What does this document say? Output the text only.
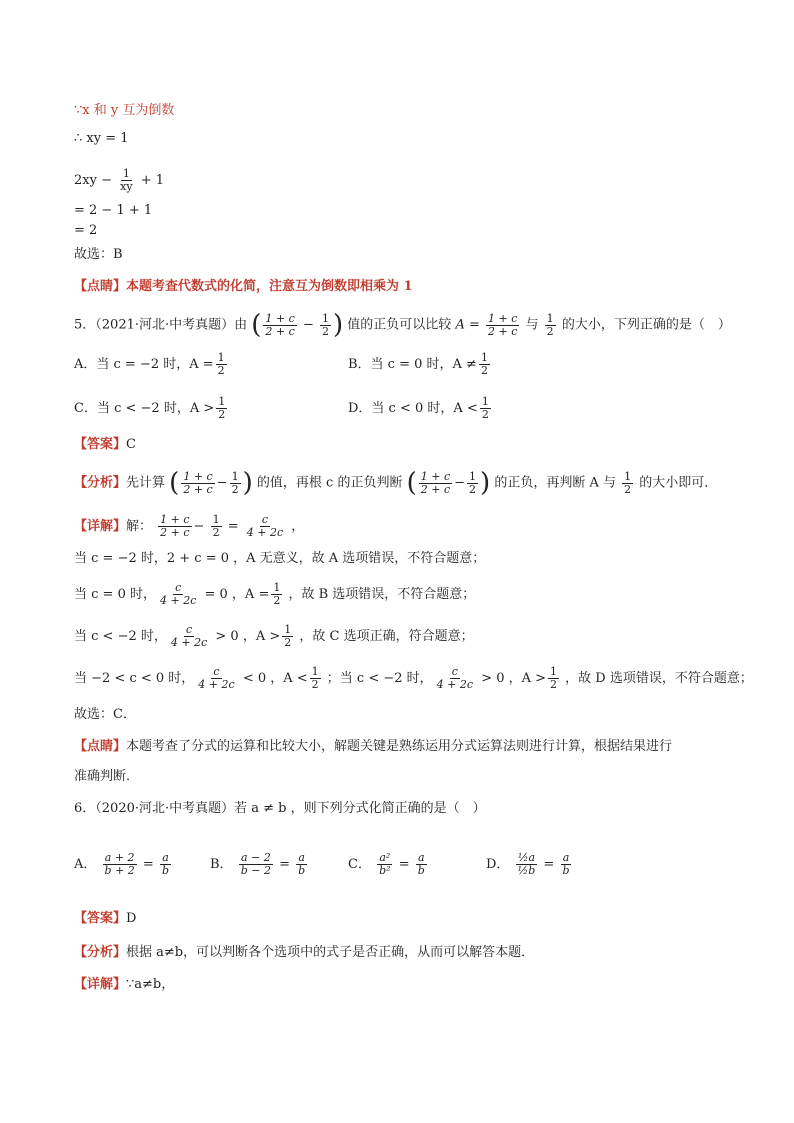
∵x 和 y 互为倒数
∴ xy = 1
$2xy - \frac{1}{xy} + 1$
= 2 − 1 + 1
= 2
故选：B
【点睛】本题考查代数式的化简，注意互为倒数即相乘为 1
5．（2021·河北·中考真题）由 ( $\frac{1 + c}{2 + c} - \frac{1}{2}$ ) 值的正负可以比较 $A = \frac{1 + c}{2 + c}$ 与 $\frac{1}{2}$ 的大小，下列正确的是（　）
A．当 c = −2 时，$A = \frac{1}{2}$	B．当 c = 0 时，$A \ne \frac{1}{2}$
C．当 c < −2 时，$A > \frac{1}{2}$	D．当 c < 0 时，$A < \frac{1}{2}$
【答案】C
【分析】先计算 ( $\frac{1 + c}{2 + c} - \frac{1}{2}$ ) 的值，再根 c 的正负判断 ( $\frac{1 + c}{2 + c} - \frac{1}{2}$ ) 的正负，再判断 A 与 $\frac{1}{2}$ 的大小即可．
【详解】解： $\frac{1 + c}{2 + c} - \frac{1}{2} = \frac{c}{4 + 2c}$ ，
当 c = −2 时，2 + c = 0 ，A 无意义，故 A 选项错误，不符合题意；
当 c = 0 时， $\frac{c}{4 + 2c} = 0$ ，$A = \frac{1}{2}$ ，故 B 选项错误，不符合题意；
当 c < −2 时， $\frac{c}{4 + 2c} > 0$ ，$A > \frac{1}{2}$ ，故 C 选项正确，符合题意；
当 −2 < c < 0 时， $\frac{c}{4 + 2c} < 0$ ，$A < \frac{1}{2}$ ；当 c < −2 时， $\frac{c}{4 + 2c} > 0$ ，$A > \frac{1}{2}$ ，故 D 选项错误，不符合题意；
故选：C．
【点睛】本题考查了分式的运算和比较大小，解题关键是熟练运用分式运算法则进行计算，根据结果进行
准确判断．
6．（2020·河北·中考真题）若 a ≠ b ，则下列分式化简正确的是（　）
A． $\frac{a + 2}{b + 2} = \frac{a}{b}$	B． $\frac{a - 2}{b - 2} = \frac{a}{b}$	C． $\frac{\text{a²}}{\text{b²}} = \frac{a}{b}$	D． $\frac{\text{½a}}{\text{½b}} = \frac{a}{b}$
【答案】D
【分析】根据 a≠b，可以判断各个选项中的式子是否正确，从而可以解答本题．
【详解】∵a≠b，
